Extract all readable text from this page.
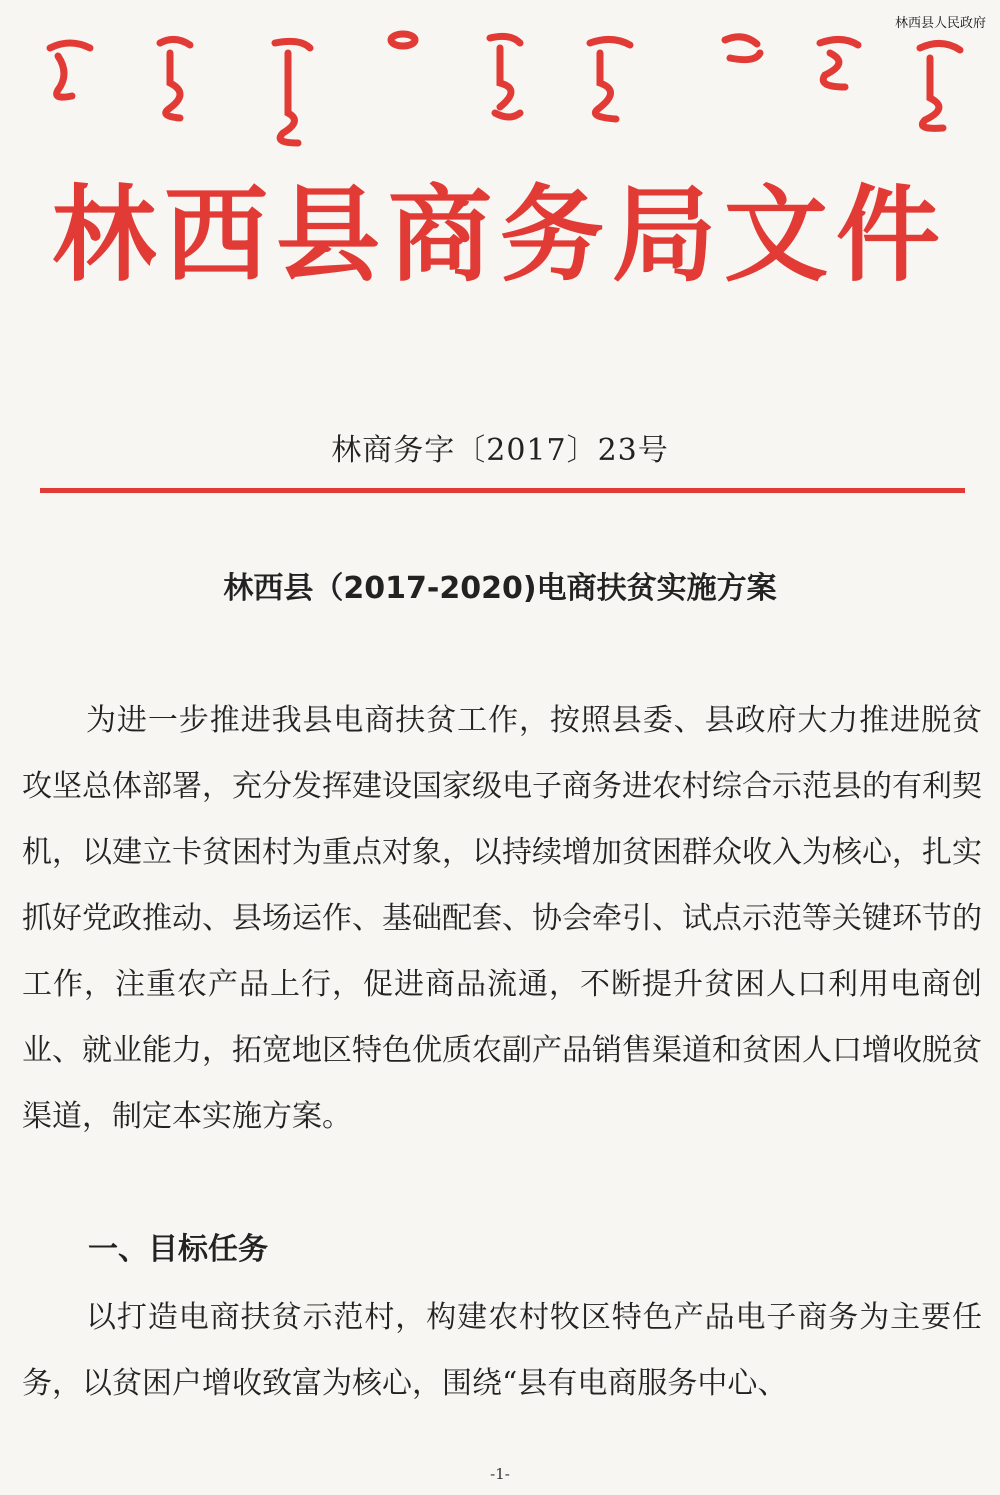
林西县人民政府
林西县商务局文件
林商务字〔2017〕23号
林西县（2017-2020)电商扶贫实施方案

为进一步推进我县电商扶贫工作，按照县委、县政府大力推进脱贫攻坚总体部署，充分发挥建设国家级电子商务进农村综合示范县的有利契机，以建立卡贫困村为重点对象，以持续增加贫困群众收入为核心，扎实抓好党政推动、县场运作、基础配套、协会牵引、试点示范等关键环节的工作，注重农产品上行，促进商品流通，不断提升贫困人口利用电商创业、就业能力，拓宽地区特色优质农副产品销售渠道和贫困人口增收脱贫渠道，制定本实施方案。

一、目标任务

以打造电商扶贫示范村，构建农村牧区特色产品电子商务为主要任务，以贫困户增收致富为核心，围绕“县有电商服务中心、

-1-
